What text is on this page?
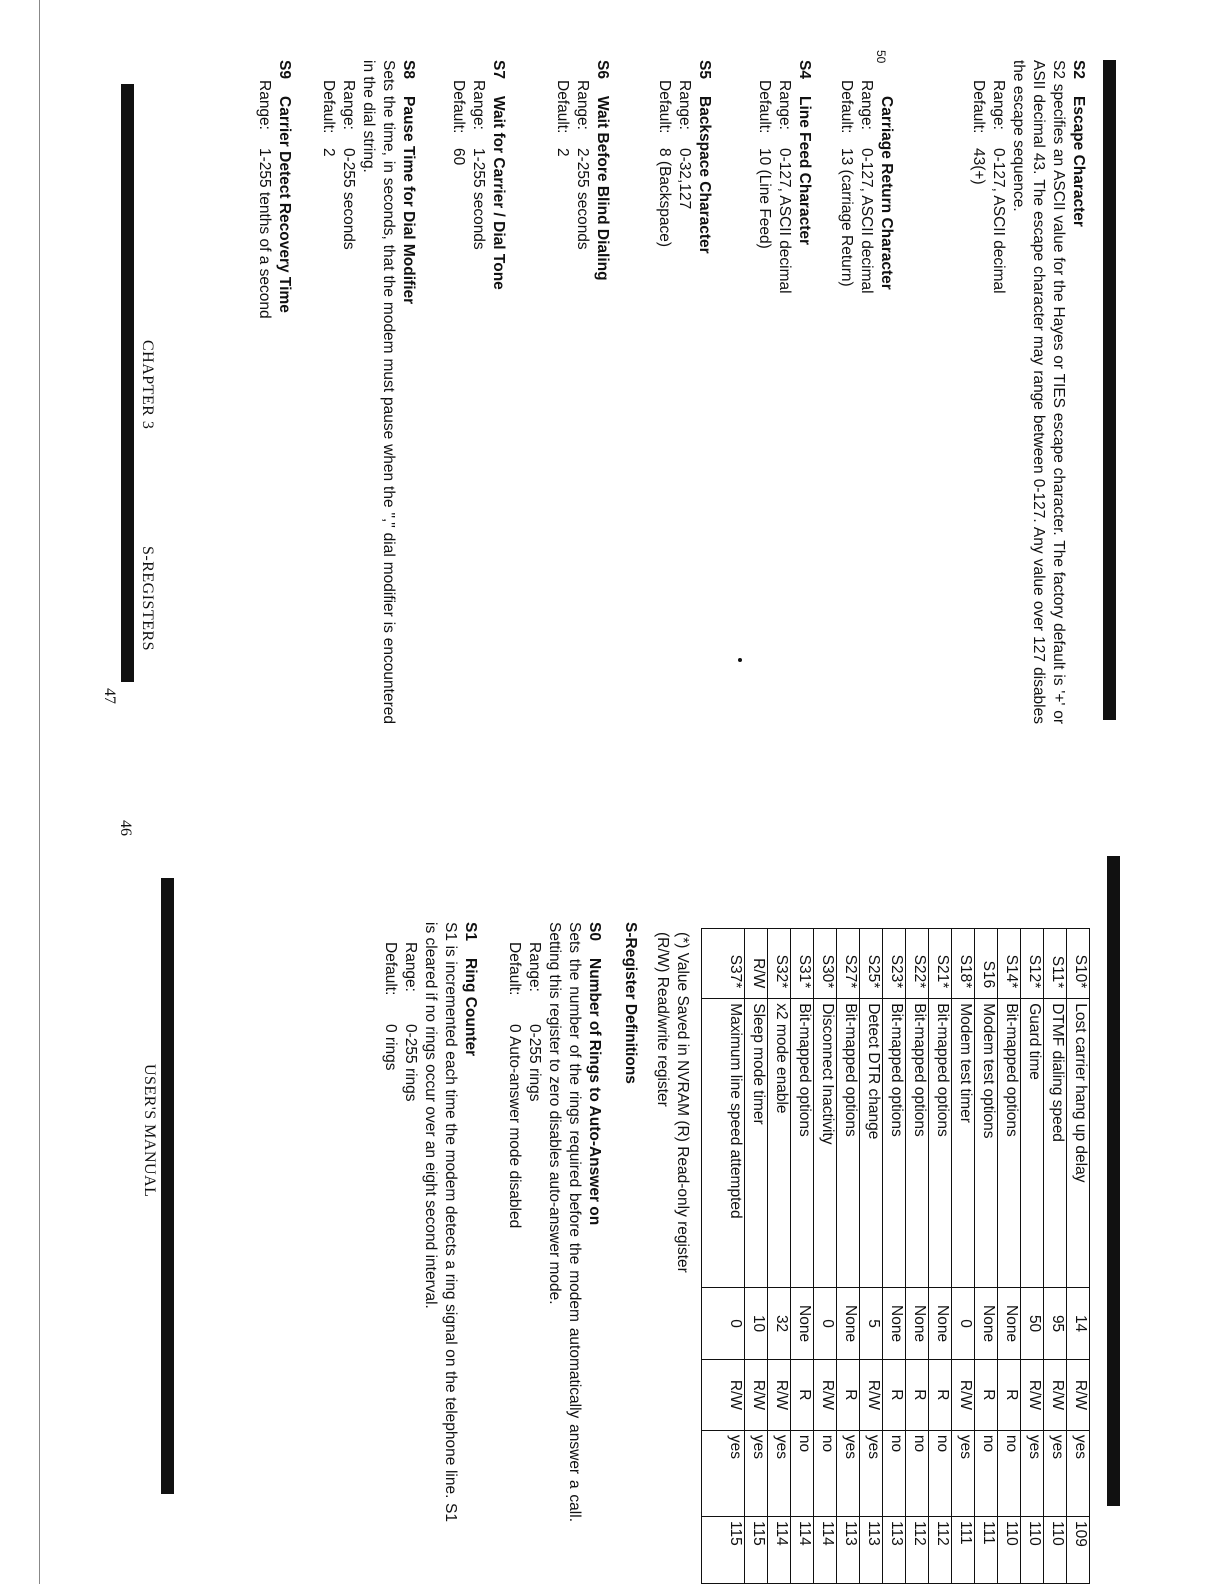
S2Escape Character

S2 specifies an ASCII value for the Hayes or TIES escape character. The factory default is '+' or ASII decimal 43. The escape character may range between 0-127. Any value over 127 disables the escape sequence.

Range:
0-127, ASCII decimal
Default:
43(+)
50
Carriage Return Character
Range:
0-127, ASCII decimal
Default:
13 (carriage Return)
S4Line Feed Character
Range:
0-127, ASCII decimal
Default:
10 (Line Feed)
S5Backspace Character
Range:
0-32,127
Default:
8 (Backspace)
S6Wait Before Blind Dialing
Range:
2-255 seconds
Default:
2
S7Wait for Carrier / Dial Tone
Range:
1-255 seconds
Default:
60
S8Pause Time for Dial Modifier

Sets the time, in seconds, that the modem must pause when the "," dial modifier is encountered in the dial string.

Range:
0-255 seconds
Default:
2
S9Carrier Detect Recovery Time
Range:
1-255 tenths of a second
CHAPTER 3
S-REGISTERS
47
S10*	Lost carrier hang up delay	14	R/W	yes	109
S11*	DTMF dialing speed	95	R/W	yes	110
S12*	Guard time	50	R/W	yes	110
S14*	Bit-mapped options	None	R	no	110
S16	Modem test options	None	R	no	111
S18*	Modem test timer	0	R/W	yes	111
S21*	Bit-mapped options	None	R	no	112
S22*	Bit-mapped options	None	R	no	112
S23*	Bit-mapped options	None	R	no	113
S25*	Detect DTR change	5	R/W	yes	113
S27*	Bit-mapped options	None	R	yes	113
S30*	Disconnect Inactivity	0	R/W	no	114
S31*	Bit-mapped options	None	R	no	114
S32*	x2 mode enable	32	R/W	yes	114
R/W	Sleep mode timer	10	R/W	yes	115
S37*	Maximum line speed attempted	0	R/W	yes	115
(*) Value Saved in NVRAM (R) Read-only register
(R/W) Read/write register
S-Register Definitions
S0Number of Rings to Auto-Answer on

Sets the number of the rings required before the modem automatically answer a call. Setting this register to zero disables auto-answer mode.

Range:
0-255 rings
Default:
0 Auto-answer mode disabled
S1Ring Counter

S1 is incremented each time the modem detects a ring signal on the telephone line. S1 is cleared if no rings occur over an eight second interval.

Range:
0-255 rings
Default:
0 rings
USER'S MANUAL
46
